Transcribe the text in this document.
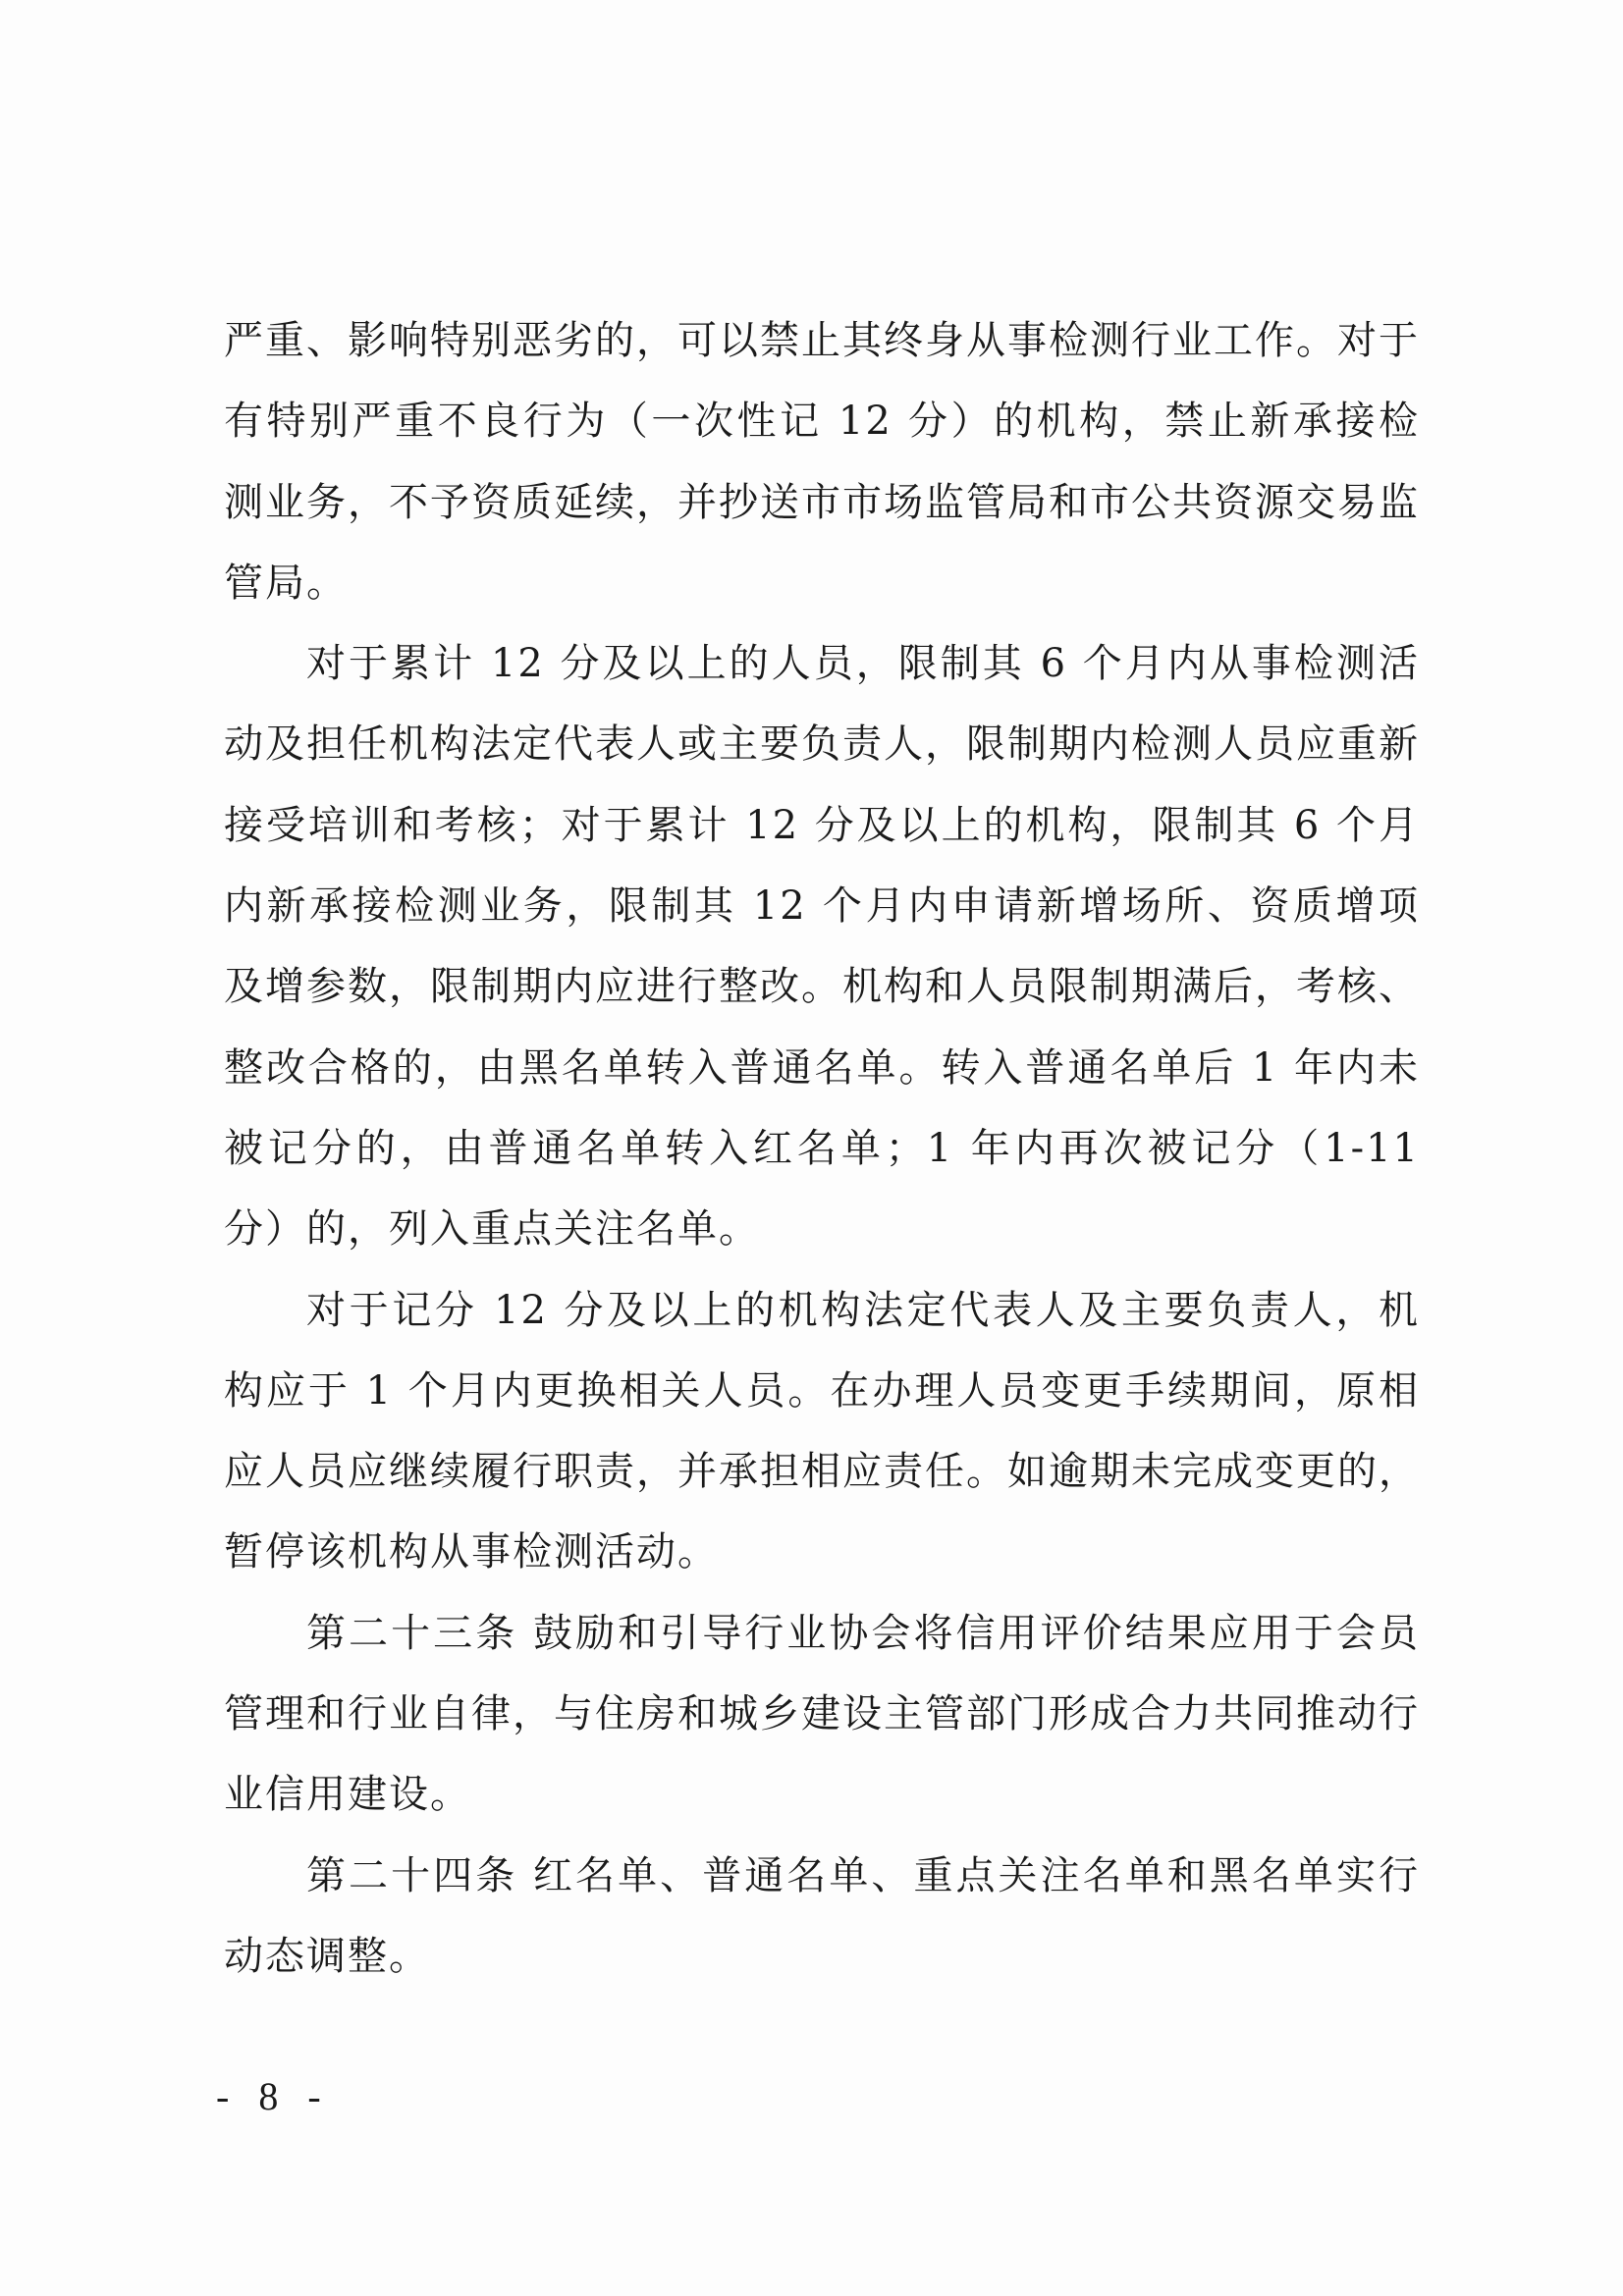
严重、影响特别恶劣的，可以禁止其终身从事检测行业工作。对于有特别严重不良行为（一次性记 12 分）的机构，禁止新承接检测业务，不予资质延续，并抄送市市场监管局和市公共资源交易监管局。

对于累计 12 分及以上的人员，限制其 6 个月内从事检测活动及担任机构法定代表人或主要负责人，限制期内检测人员应重新接受培训和考核；对于累计 12 分及以上的机构，限制其 6 个月内新承接检测业务，限制其 12 个月内申请新增场所、资质增项及增参数，限制期内应进行整改。机构和人员限制期满后，考核、整改合格的，由黑名单转入普通名单。转入普通名单后 1 年内未被记分的，由普通名单转入红名单；1 年内再次被记分（1-11 分）的，列入重点关注名单。

对于记分 12 分及以上的机构法定代表人及主要负责人，机构应于 1 个月内更换相关人员。在办理人员变更手续期间，原相应人员应继续履行职责，并承担相应责任。如逾期未完成变更的，暂停该机构从事检测活动。

第二十三条 鼓励和引导行业协会将信用评价结果应用于会员管理和行业自律，与住房和城乡建设主管部门形成合力共同推动行业信用建设。

第二十四条 红名单、普通名单、重点关注名单和黑名单实行动态调整。

- 8 -
